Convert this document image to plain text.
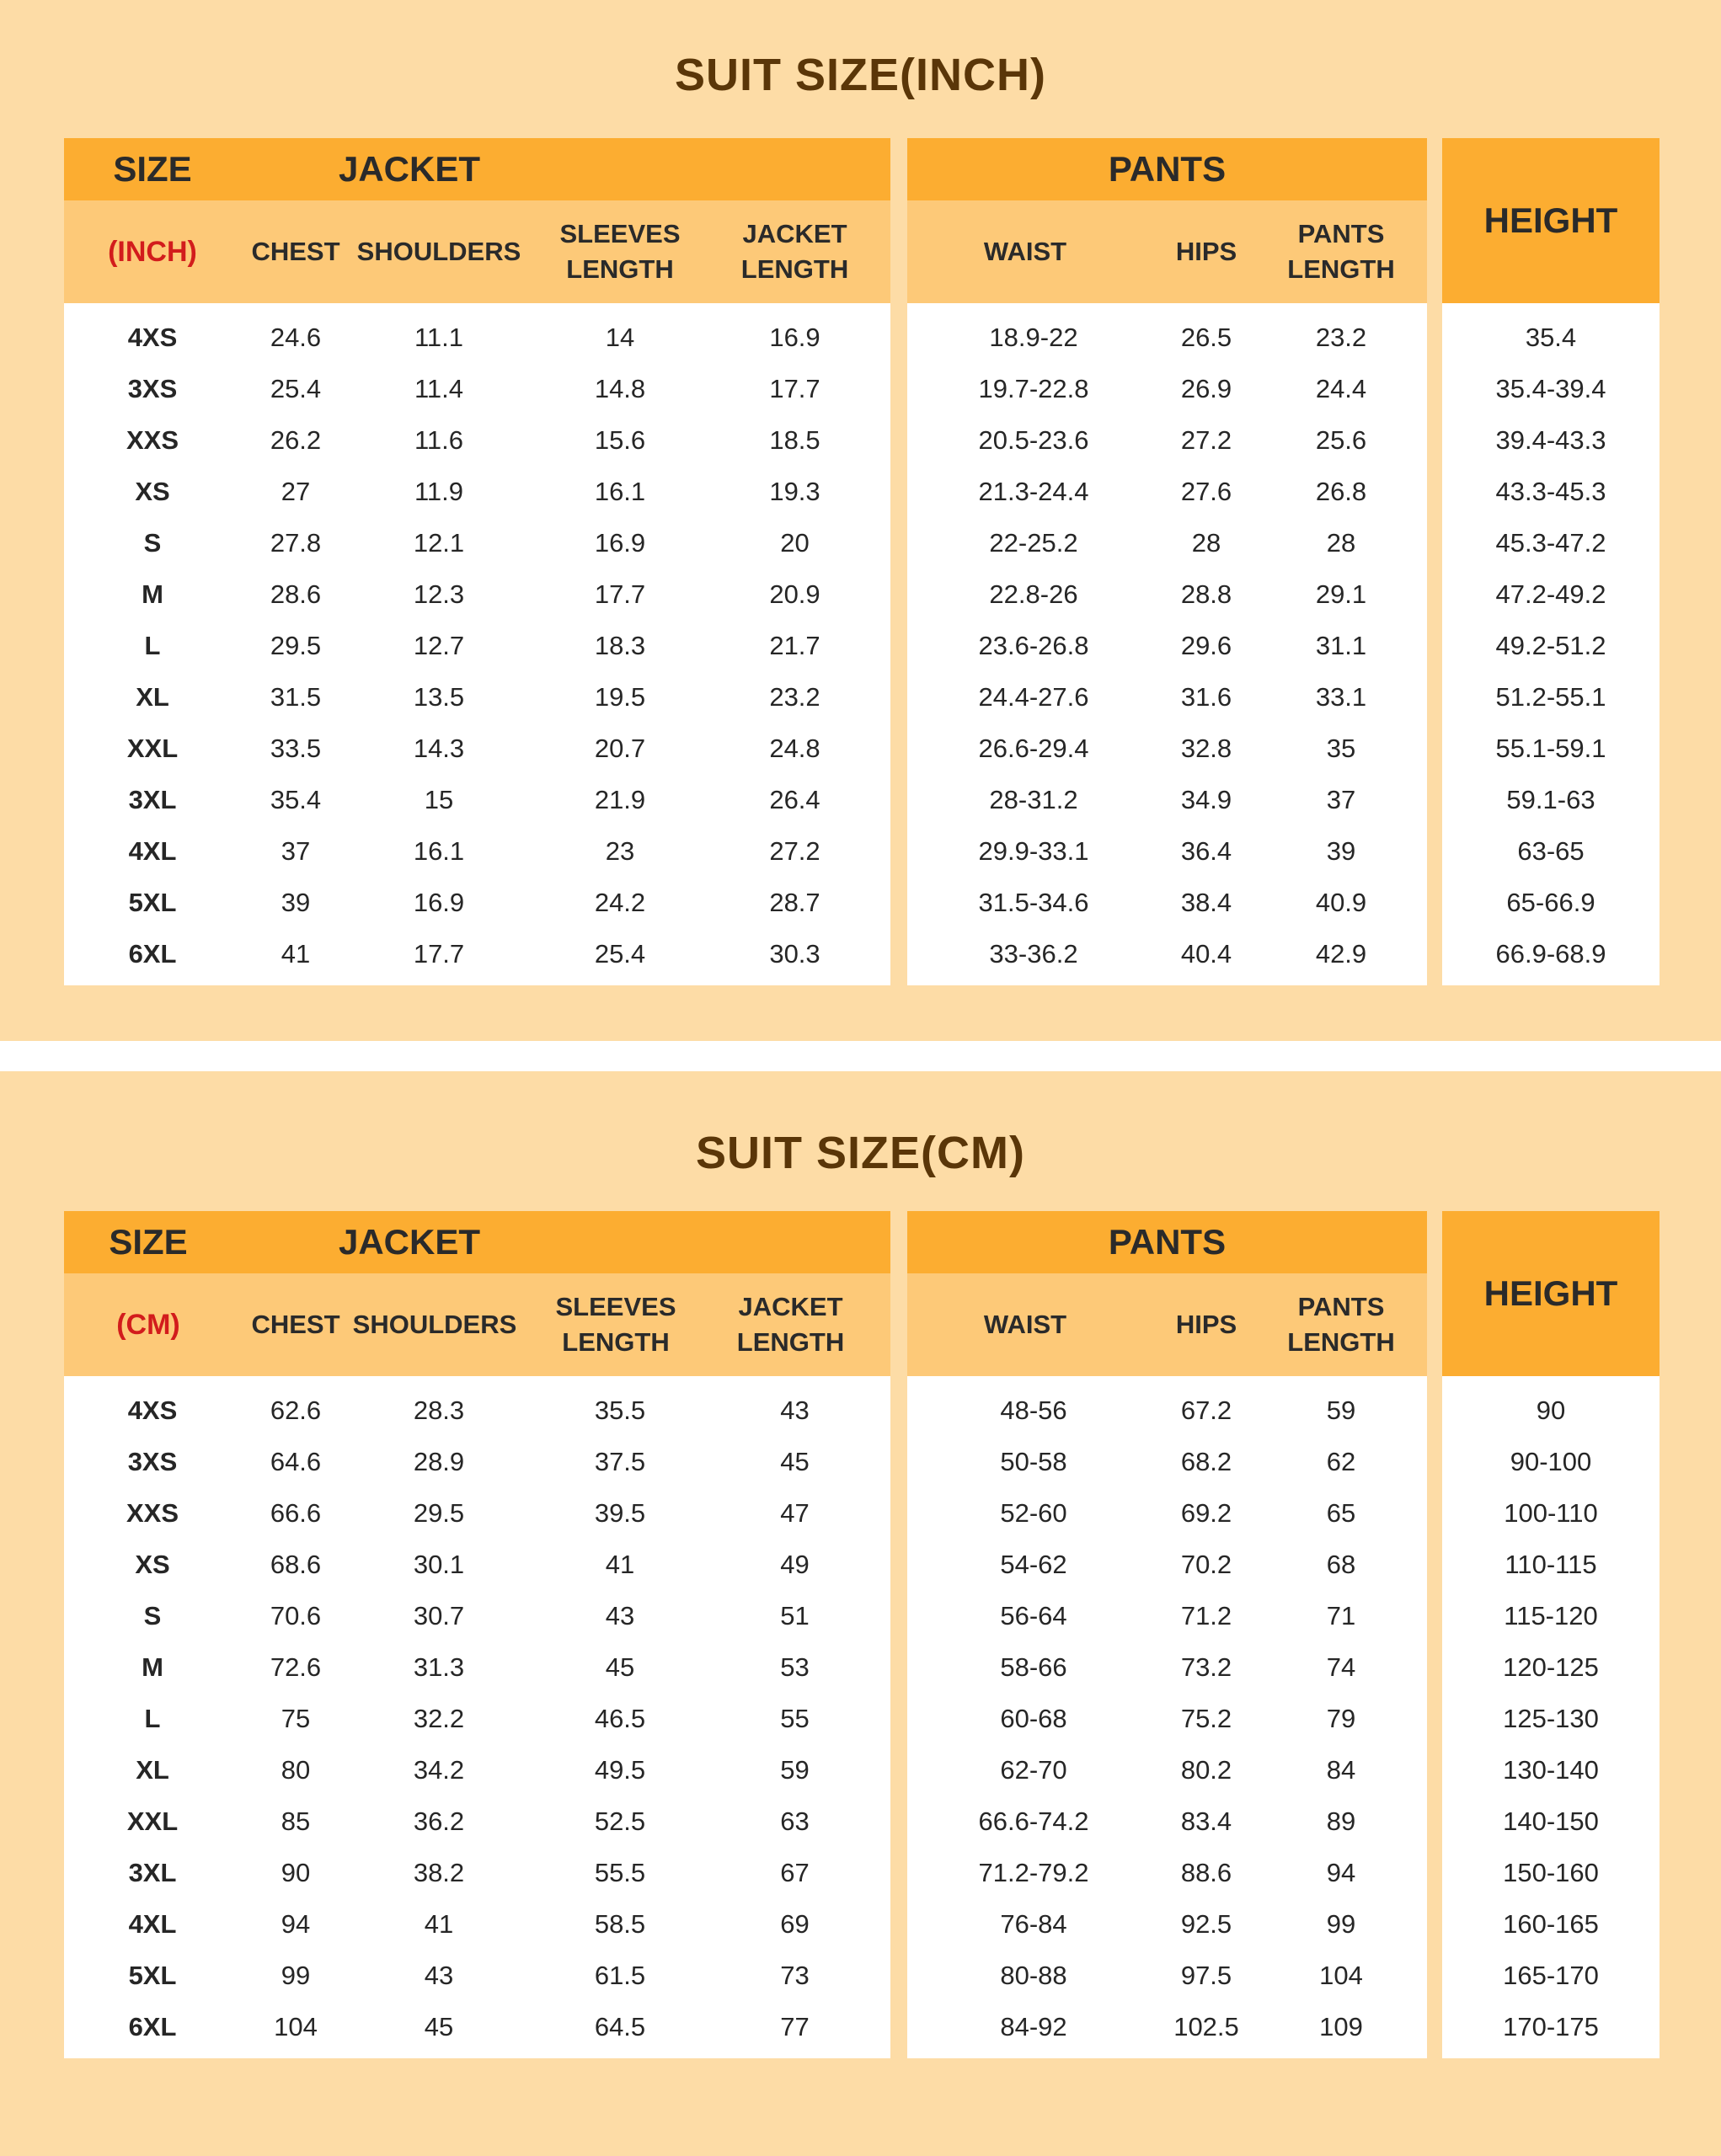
SUIT SIZE(INCH)
SIZE	JACKET
(INCH)	CHEST SHOULDERS
SLEEVES
LENGTH
JACKET
LENGTH
4XS	24.6	11.1	14	16.9
3XS	25.4	11.4	14.8	17.7
XXS	26.2	11.6	15.6	18.5
XS	27	11.9	16.1	19.3
S	27.8	12.1	16.9	20
M	28.6	12.3	17.7	20.9
L	29.5	12.7	18.3	21.7
XL	31.5	13.5	19.5	23.2
XXL	33.5	14.3	20.7	24.8
3XL	35.4	15	21.9	26.4
4XL	37	16.1	23	27.2
5XL	39	16.9	24.2	28.7
6XL	41	17.7	25.4	30.3
PANTS
WAIST	HIPS
PANTS
LENGTH
18.9-22	26.5	23.2
19.7-22.8	26.9	24.4
20.5-23.6	27.2	25.6
21.3-24.4	27.6	26.8
22-25.2	28	28
22.8-26	28.8	29.1
23.6-26.8	29.6	31.1
24.4-27.6	31.6	33.1
26.6-29.4	32.8	35
28-31.2	34.9	37
29.9-33.1	36.4	39
31.5-34.6	38.4	40.9
33-36.2	40.4	42.9
HEIGHT
35.4
35.4-39.4
39.4-43.3
43.3-45.3
45.3-47.2
47.2-49.2
49.2-51.2
51.2-55.1
55.1-59.1
59.1-63
63-65
65-66.9
66.9-68.9
SUIT SIZE(CM)
SIZE	JACKET
(CM)	CHEST SHOULDERS
SLEEVES
LENGTH
JACKET
LENGTH
4XS	62.6	28.3	35.5	43
3XS	64.6	28.9	37.5	45
XXS	66.6	29.5	39.5	47
XS	68.6	30.1	41	49
S	70.6	30.7	43	51
M	72.6	31.3	45	53
L	75	32.2	46.5	55
XL	80	34.2	49.5	59
XXL	85	36.2	52.5	63
3XL	90	38.2	55.5	67
4XL	94	41	58.5	69
5XL	99	43	61.5	73
6XL	104	45	64.5	77
PANTS
WAIST	HIPS
PANTS
LENGTH
48-56	67.2	59
50-58	68.2	62
52-60	69.2	65
54-62	70.2	68
56-64	71.2	71
58-66	73.2	74
60-68	75.2	79
62-70	80.2	84
66.6-74.2	83.4	89
71.2-79.2	88.6	94
76-84	92.5	99
80-88	97.5	104
84-92	102.5	109
HEIGHT
90
90-100
100-110
110-115
115-120
120-125
125-130
130-140
140-150
150-160
160-165
165-170
170-175
